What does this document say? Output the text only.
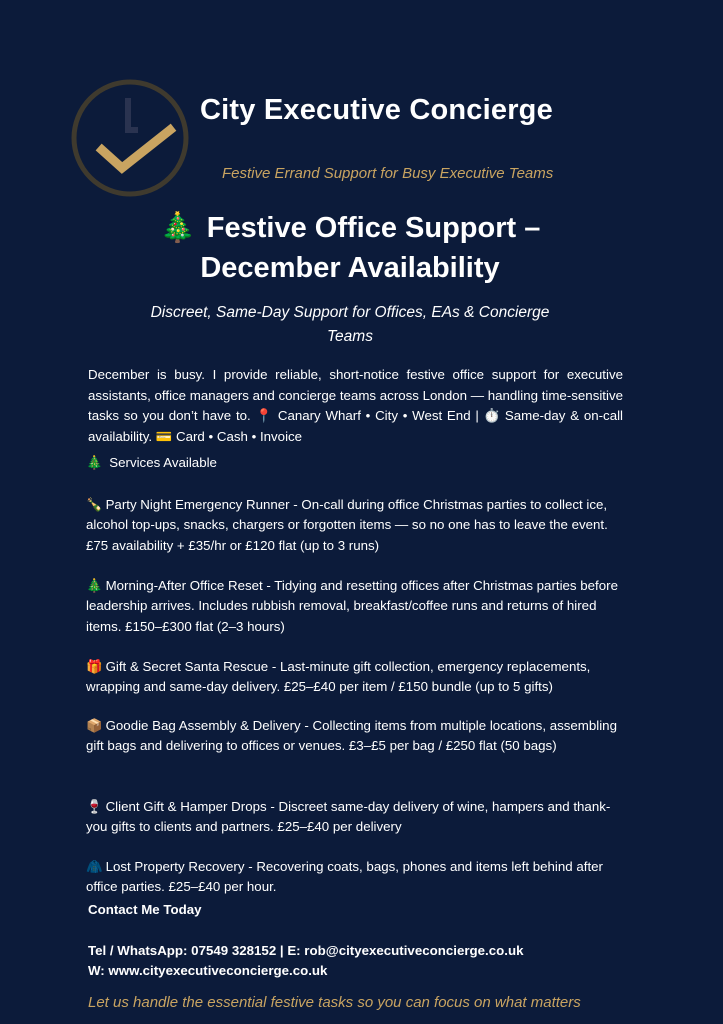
City Executive Concierge
Festive Errand Support for Busy Executive Teams
🎄 Festive Office Support – December Availability
Discreet, Same-Day Support for Offices, EAs & Concierge Teams
December is busy. I provide reliable, short-notice festive office support for executive assistants, office managers and concierge teams across London — handling time-sensitive tasks so you don’t have to. 📍 Canary Wharf • City • West End | ⏱️ Same-day & on-call availability. 💳 Card • Cash • Invoice
🎄 Services Available
🍾 Party Night Emergency Runner - On-call during office Christmas parties to collect ice, alcohol top-ups, snacks, chargers or forgotten items — so no one has to leave the event. £75 availability + £35/hr or £120 flat (up to 3 runs)
🎄 Morning-After Office Reset - Tidying and resetting offices after Christmas parties before leadership arrives. Includes rubbish removal, breakfast/coffee runs and returns of hired items. £150–£300 flat (2–3 hours)
🎁 Gift & Secret Santa Rescue - Last-minute gift collection, emergency replacements, wrapping and same-day delivery. £25–£40 per item / £150 bundle (up to 5 gifts)
📦 Goodie Bag Assembly & Delivery - Collecting items from multiple locations, assembling gift bags and delivering to offices or venues. £3–£5 per bag / £250 flat (50 bags)
🍷 Client Gift & Hamper Drops - Discreet same-day delivery of wine, hampers and thank-you gifts to clients and partners. £25–£40 per delivery
🧥 Lost Property Recovery - Recovering coats, bags, phones and items left behind after office parties. £25–£40 per hour.
Contact Me Today
Tel / WhatsApp: 07549 328152 | E: rob@cityexecutiveconcierge.co.uk
W: www.cityexecutiveconcierge.co.uk
Let us handle the essential festive tasks so you can focus on what matters
